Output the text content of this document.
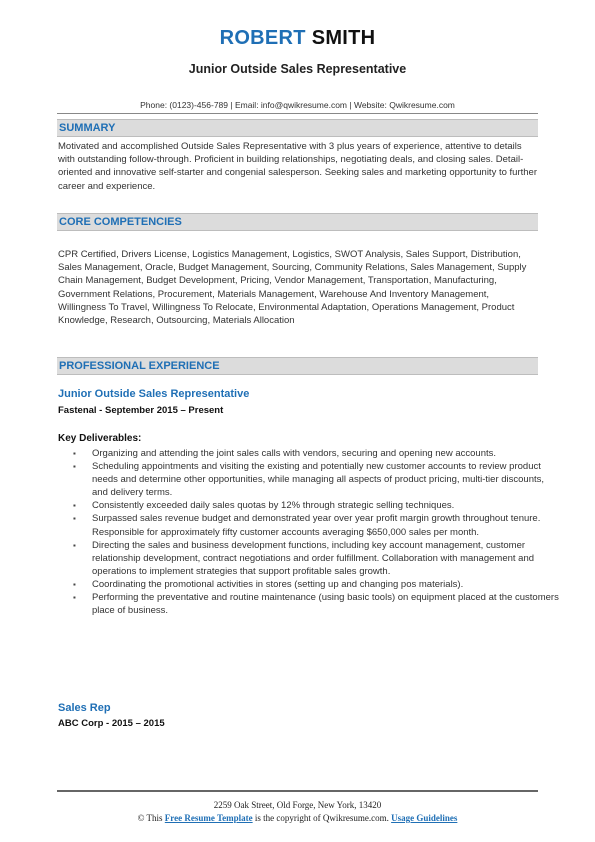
ROBERT SMITH
Junior Outside Sales Representative
Phone: (0123)-456-789 | Email: info@qwikresume.com | Website: Qwikresume.com
SUMMARY
Motivated and accomplished Outside Sales Representative with 3 plus years of experience, attentive to details with outstanding follow-through. Proficient in building relationships, negotiating deals, and closing sales. Detail-oriented and innovative self-starter and congenial salesperson. Seeking sales and marketing opportunity to further career and experience.
CORE COMPETENCIES
CPR Certified, Drivers License, Logistics Management, Logistics, SWOT Analysis, Sales Support, Distribution, Sales Management, Oracle, Budget Management, Sourcing, Community Relations, Sales Management, Supply Chain Management, Budget Development, Pricing, Vendor Management, Transportation, Manufacturing, Government Relations, Procurement, Materials Management, Warehouse And Inventory Management, Willingness To Travel, Willingness To Relocate, Environmental Adaptation, Operations Management, Product Knowledge, Research, Outsourcing, Materials Allocation
PROFESSIONAL EXPERIENCE
Junior Outside Sales Representative
Fastenal - September 2015 – Present
Key Deliverables:
▪ Organizing and attending the joint sales calls with vendors, securing and opening new accounts.
▪ Scheduling appointments and visiting the existing and potentially new customer accounts to review product needs and determine other opportunities, while managing all aspects of product pricing, multi-tier discounts, and delivery terms.
▪ Consistently exceeded daily sales quotas by 12% through strategic selling techniques.
▪ Surpassed sales revenue budget and demonstrated year over year profit margin growth throughout tenure. Responsible for approximately fifty customer accounts averaging $650,000 sales per month.
▪ Directing the sales and business development functions, including key account management, customer relationship development, contract negotiations and order fulfillment. Collaboration with management and operations to implement strategies that support profitable sales growth.
▪ Coordinating the promotional activities in stores (setting up and changing pos materials).
▪ Performing the preventative and routine maintenance (using basic tools) on equipment placed at the customers place of business.
Sales Rep
ABC Corp - 2015 – 2015
2259 Oak Street, Old Forge, New York, 13420
© This Free Resume Template is the copyright of Qwikresume.com. Usage Guidelines
